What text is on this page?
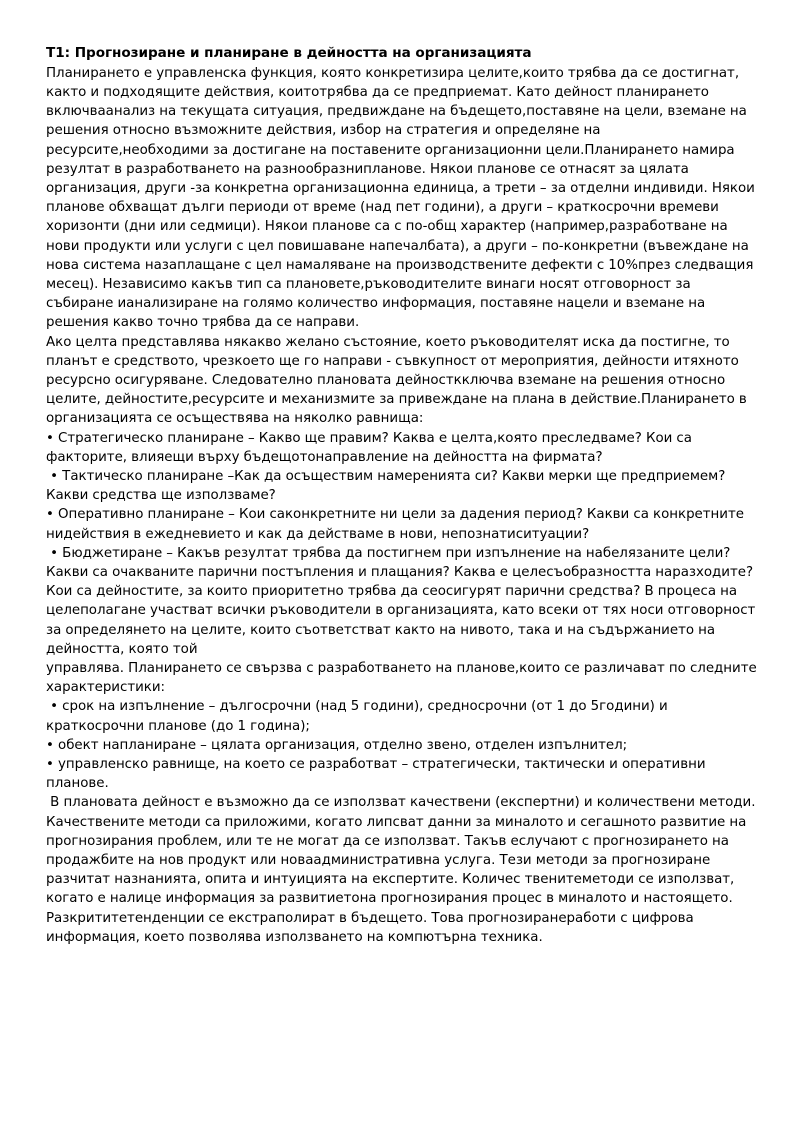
T1: Прогнозиране и планиране в дейността на организацията

Планирането е управленска функция, която конкретизира целите,които трябва да се достигнат, както и подходящите действия, коитотрябва да се предприемат. Като дейност планирането включваанализ на текущата ситуация, предвиждане на бъдещето,поставяне на цели, вземане на решения относно възможните действия, избор на стратегия и определяне на ресурсите,необходими за достигане на поставените организационни цели.Планирането намира резултат в разработването на разнообразнипланове. Някои планове се отнасят за цялата организация, други -за конкретна организационна единица, а трети – за отделни индивиди. Някои планове обхващат дълги периоди от време (над пет години), а други – краткосрочни времеви хоризонти (дни или седмици). Някои планове са с по-общ характер (например,разработване на нови продукти или услуги с цел повишаване напечалбата), а други – по-конкретни (въвеждане на нова система назаплащане с цел намаляване на производствените дефекти с 10%през следващия месец). Независимо какъв тип са плановете,ръководителите винаги носят отговорност за събиране ианализиране на голямо количество информация, поставяне нацели и вземане на решения какво точно трябва да се направи.

Ако целта представлява някакво желано състояние, което ръководителят иска да постигне, то планът е средството, чрезкоето ще го направи - съвкупност от мероприятия, дейности итяхното ресурсно осигуряване. Следователно плановата дейносткключва вземане на решения относно целите, дейностите,ресурсите и механизмите за привеждане на плана в действие.Планирането в организацията се осъществява на няколко равнища:

• Стратегическо планиране – Какво ще правим? Каква е целта,която преследваме? Кои са факторите, влияещи върху бъдещотонаправление на дейността на фирмата?

• Тактическо планиране –Как да осъществим намеренията си? Какви мерки ще предприемем?Какви средства ще използваме?

• Оперативно планиране – Кои саконкретните ни цели за дадения период? Какви са конкретните нидействия в ежедневието и как да действаме в нови, непознатиситуации?

• Бюджетиране – Какъв резултат трябва да постигнем при изпълнение на набелязаните цели? Какви са очакваните парични постъпления и плащания? Каква е целесъобразността наразходите? Кои са дейностите, за които приоритетно трябва да сеосигурят парични средства? В процеса на целеполагане участват всички ръководители в организацията, като всеки от тях носи отговорност за определянето на целите, които съответстват както на нивото, така и на съдържанието на дейността, която той

управлява. Планирането се свързва с разработването на планове,които се различават по следните характеристики:

• срок на изпълнение – дългосрочни (над 5 години), средносрочни (от 1 до 5години) и краткосрочни планове (до 1 година);

• обект напланиране – цялата организация, отделно звено, отделен изпълнител;

• управленско равнище, на което се разработват – стратегически, тактически и оперативни планове.

В плановата дейност е възможно да се използват качествени (експертни) и количествени методи.

Качествените методи са приложими, когато липсват данни за миналото и сегашното развитие на прогнозирания проблем, или те не могат да се използват. Такъв еслучают с прогнозирането на продажбите на нов продукт или новаадминистративна услуга. Тези методи за прогнозиране разчитат назнанията, опита и интуицията на експертите. Количес твенитеметоди се използват, когато е налице информация за развитиетона прогнозирания процес в миналото и настоящето. Разкрититетенденции се екстраполират в бъдещето. Това прогнозиранеработи с цифрова информация, което позволява използването на компютърна техника.
